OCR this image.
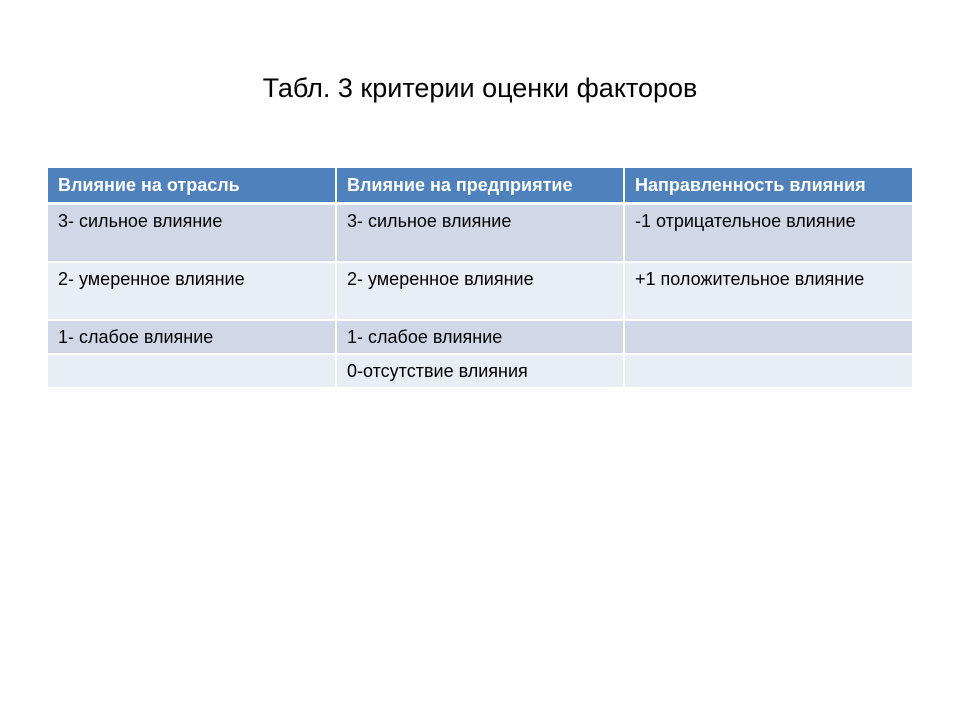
Табл. 3 критерии оценки факторов
Влияние на отрасль	Влияние на предприятие	Направленность влияния
3- сильное влияние	3- сильное влияние	-1 отрицательное влияние
2- умеренное влияние	2- умеренное влияние	+1 положительное влияние
1- слабое влияние	1- слабое влияние	
	0-отсутствие влияния	
